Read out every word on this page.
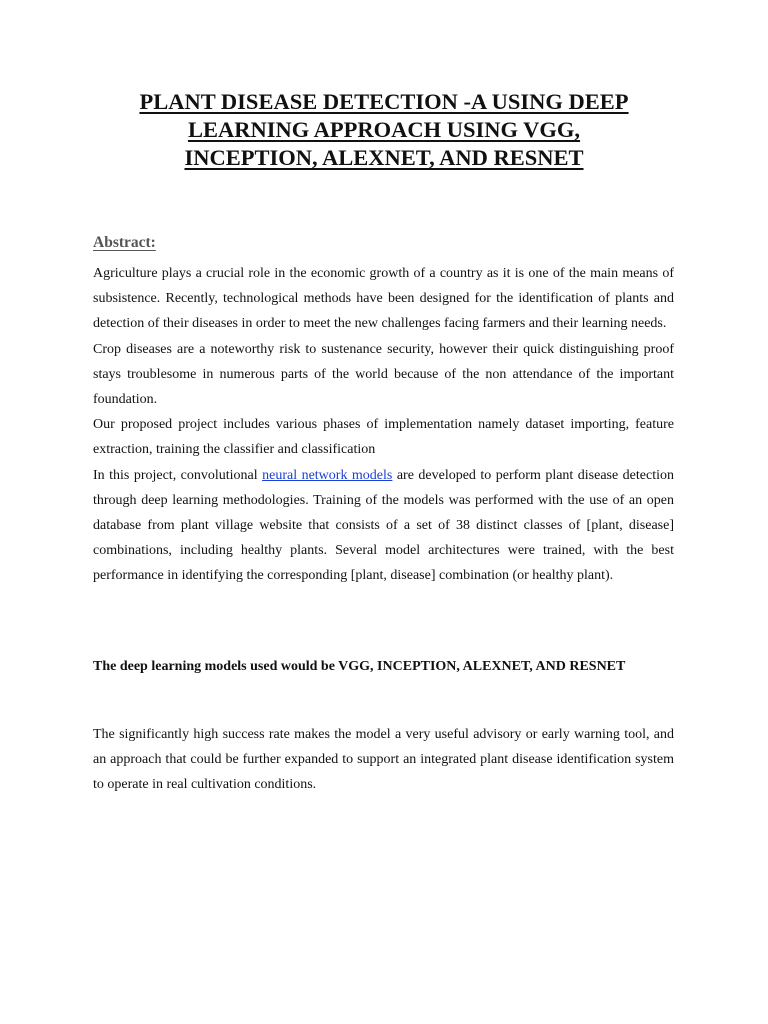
PLANT DISEASE DETECTION -A USING DEEP
LEARNING APPROACH USING VGG,
INCEPTION, ALEXNET, AND RESNET
Abstract:

Agriculture plays a crucial role in the economic growth of a country as it is one of the main means of subsistence. Recently, technological methods have been designed for the identification of plants and detection of their diseases in order to meet the new challenges facing farmers and their learning needs.

Crop diseases are a noteworthy risk to sustenance security, however their quick distinguishing proof stays troublesome in numerous parts of the world because of the non attendance of the important foundation.

Our proposed project includes various phases of implementation namely dataset importing, feature extraction, training the classifier and classification

In this project, convolutional neural network models are developed to perform plant disease detection through deep learning methodologies. Training of the models was performed with the use of an open database from plant village website that consists of a set of 38 distinct classes of [plant, disease] combinations, including healthy plants. Several model architectures were trained, with the best performance in identifying the corresponding [plant, disease] combination (or healthy plant).

The deep learning models used would be VGG, INCEPTION, ALEXNET, AND RESNET

The significantly high success rate makes the model a very useful advisory or early warning tool, and an approach that could be further expanded to support an integrated plant disease identification system to operate in real cultivation conditions.
